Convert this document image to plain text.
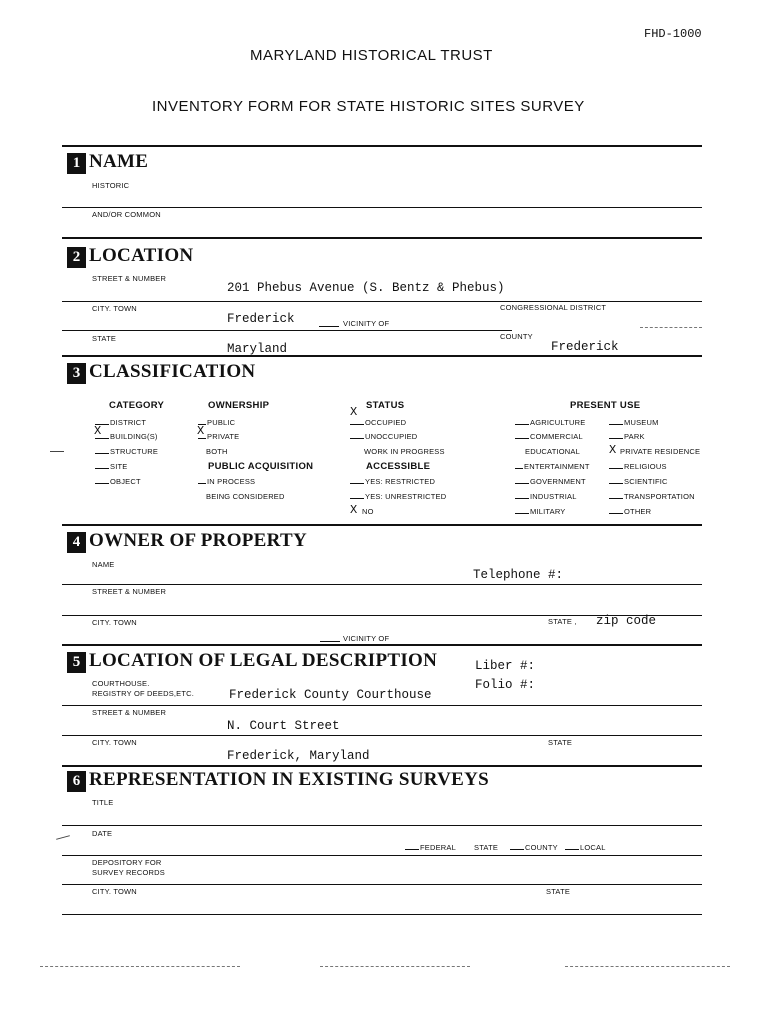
FHD-1000
MARYLAND HISTORICAL TRUST
INVENTORY FORM FOR STATE HISTORIC SITES SURVEY
1 NAME
HISTORIC
AND/OR COMMON
2 LOCATION
STREET & NUMBER
201 Phebus Avenue (S. Bentz & Phebus)
CITY. TOWN	CONGRESSIONAL DISTRICT
Frederick	VICINITY OF
STATE	COUNTY
Maryland	Frederick
3 CLASSIFICATION
CATEGORY
DISTRICT
X	BUILDING(S)
STRUCTURE
SITE
OBJECT
OWNERSHIP
PUBLIC
X PRIVATE
BOTH
PUBLIC ACQUISITION
IN PROCESS
BEING CONSIDERED
X STATUS
OCCUPIED
UNOCCUPIED
WORK IN PROGRESS
ACCESSIBLE
YES: RESTRICTED
YES: UNRESTRICTED
X NO
PRESENT USE
AGRICULTURE
COMMERCIAL
EDUCATIONAL
ENTERTAINMENT
GOVERNMENT
INDUSTRIAL
MILITARY
MUSEUM
PARK
X PRIVATE RESIDENCE
RELIGIOUS
SCIENTIFIC
TRANSPORTATION
OTHER
4 OWNER OF PROPERTY
NAME
Telephone #:
STREET & NUMBER
CITY. TOWN	STATE , zip code
VICINITY OF
5 LOCATION OF LEGAL DESCRIPTION	Liber #:
Folio #:
COURTHOUSE.
REGISTRY OF DEEDS,ETC.	Frederick County Courthouse
STREET & NUMBER
N. Court Street
CITY. TOWN	STATE
Frederick, Maryland
6 REPRESENTATION IN EXISTING SURVEYS
TITLE
DATE
FEDERAL STATE	COUNTY	LOCAL
DEPOSITORY FOR
SURVEY RECORDS
CITY. TOWN	STATE
